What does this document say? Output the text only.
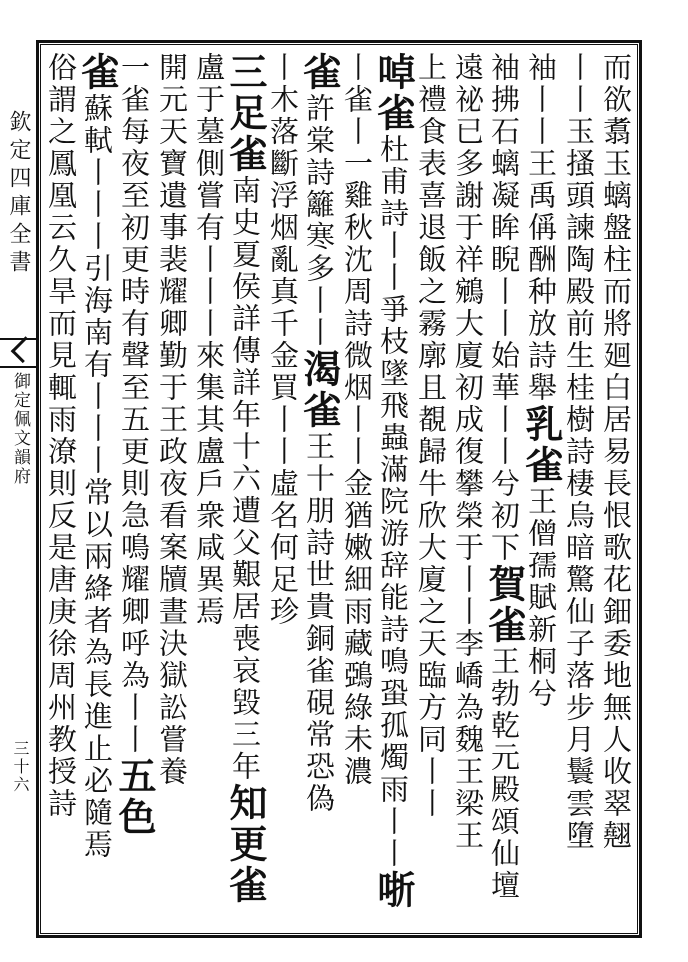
欽定四庫全書
御定佩文韻府
三十六	而欲翥玉螭盤柱而將廻白居易長恨歌花鈿委地無人收翠翹
丨丨玉搔頭諫陶殿前生桂樹詩棲烏暗驚仙子落步月鬟雲墮
袖丨丨王禹偁酬种放詩舉乳雀王僧孺賦新桐兮
袖拂石螭凝眸睨丨丨始華丨丨兮初下賀雀王勃乾元殿頌仙壇
遠祕已多謝于祥鵷大廈初成復攀榮于丨丨李嶠為魏王梁王
上禮食表喜退飯之霧廓且覩歸牛欣大廈之天臨方同丨丨
啅雀杜甫詩丨丨爭枝墜飛蟲滿院游辞能詩鳴蛩孤燭雨丨丨哳
丨雀丨一雞秋沈周詩微烟丨丨金猶嫩細雨藏鵶綠未濃
雀許棠詩籬寒多丨丨渴雀王十朋詩世貴銅雀硯常恐偽
丨木落斷浮烟亂真千金買丨丨虛名何足珍
三足雀南史夏侯詳傳詳年十六遭父艱居喪哀毀三年知更雀
盧于墓側嘗有丨丨丨來集其盧戶衆咸異焉
開元天寶遺事裴耀卿勤于王政夜看案牘晝決獄訟嘗養
一雀每夜至初更時有聲至五更則急鳴耀卿呼為丨丨五色
雀蘇軾丨丨丨引海南有丨丨丨常以兩絳者為長進止必隨焉
俗謂之鳳凰云久旱而見輒雨潦則反是唐庚徐周州教授詩
